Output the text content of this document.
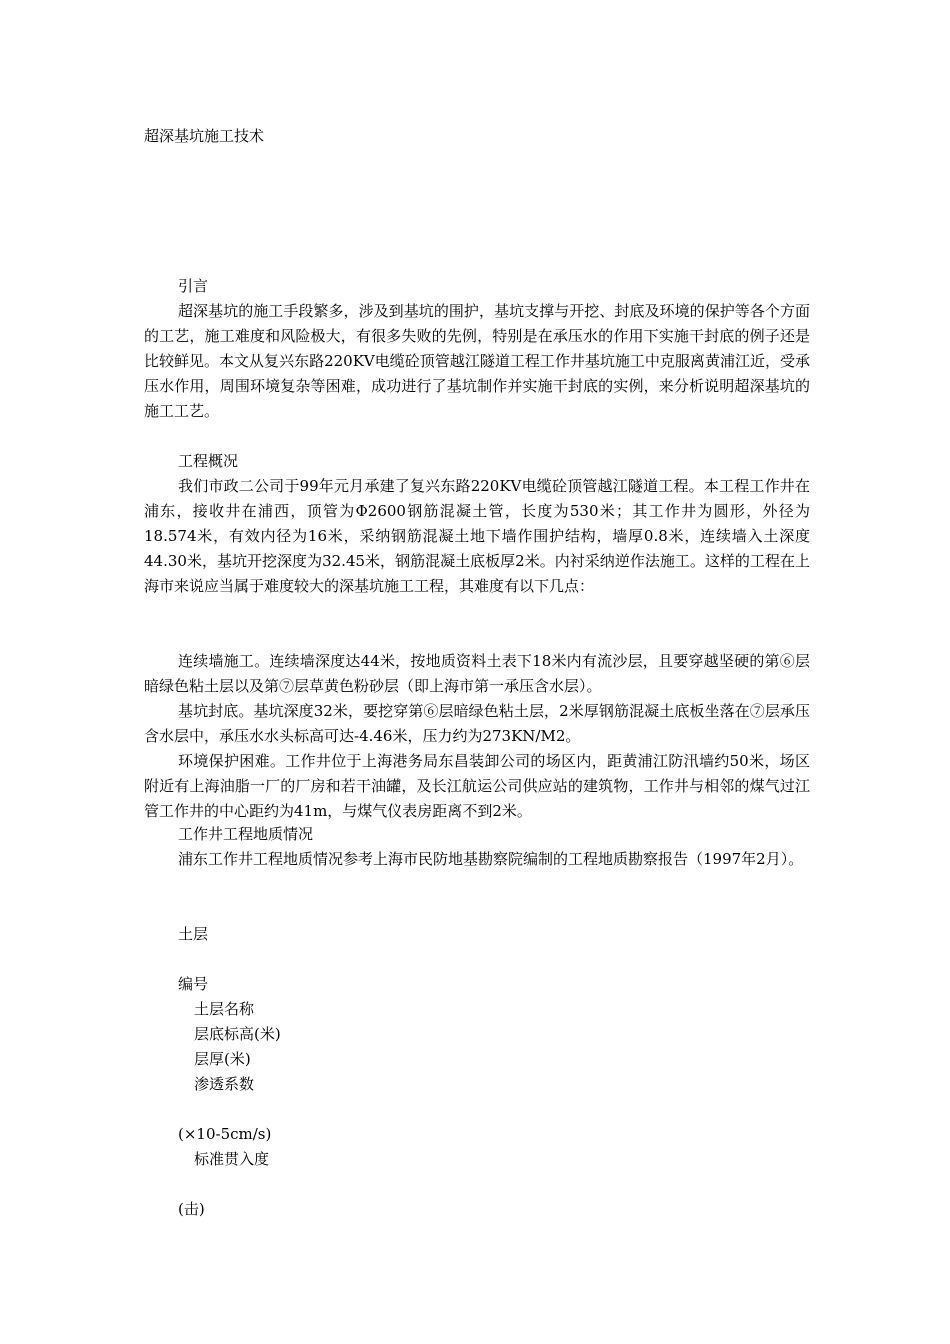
超深基坑施工技术
引言

超深基坑的施工手段繁多，涉及到基坑的围护，基坑支撑与开挖、封底及环境的保护等各个方面的工艺，施工难度和风险极大，有很多失败的先例，特别是在承压水的作用下实施干封底的例子还是比较鲜见。本文从复兴东路220KV电缆砼顶管越江隧道工程工作井基坑施工中克服离黄浦江近，受承压水作用，周围环境复杂等困难，成功进行了基坑制作并实施干封底的实例，来分析说明超深基坑的施工工艺。

工程概况

我们市政二公司于99年元月承建了复兴东路220KV电缆砼顶管越江隧道工程。本工程工作井在浦东，接收井在浦西，顶管为Φ2600钢筋混凝土管，长度为530米；其工作井为圆形，外径为18.574米，有效内径为16米，采纳钢筋混凝土地下墙作围护结构，墙厚0.8米，连续墙入土深度44.30米，基坑开挖深度为32.45米，钢筋混凝土底板厚2米。内衬采纳逆作法施工。这样的工程在上海市来说应当属于难度较大的深基坑施工工程，其难度有以下几点：

连续墙施工。连续墙深度达44米，按地质资料土表下18米内有流沙层，且要穿越坚硬的第⑥层暗绿色粘土层以及第⑦层草黄色粉砂层（即上海市第一承压含水层）。

基坑封底。基坑深度32米，要挖穿第⑥层暗绿色粘土层，2米厚钢筋混凝土底板坐落在⑦层承压含水层中，承压水水头标高可达-4.46米，压力约为273KN/M2。

环境保护困难。工作井位于上海港务局东昌装卸公司的场区内，距黄浦江防汛墙约50米，场区附近有上海油脂一厂的厂房和若干油罐，及长江航运公司供应站的建筑物，工作井与相邻的煤气过江管工作井的中心距约为41m，与煤气仪表房距离不到2米。

工作井工程地质情况

浦东工作井工程地质情况参考上海市民防地基勘察院编制的工程地质勘察报告（1997年2月）。

土层
编号
土层名称
层底标高(米)
层厚(米)
渗透系数
(×10-5cm/s)
标准贯入度
(击)
